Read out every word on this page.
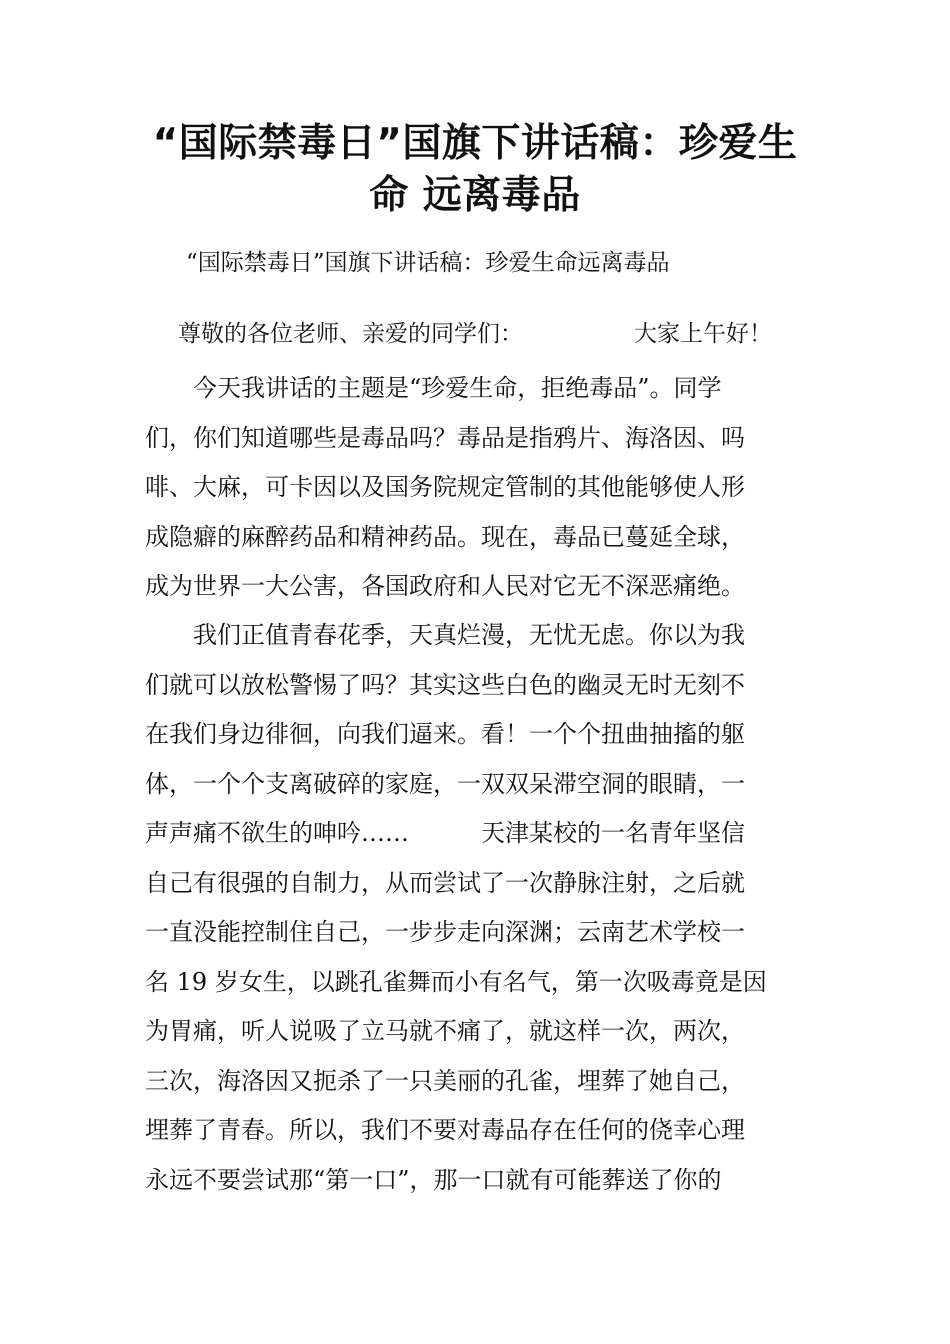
“国际禁毒日”国旗下讲话稿：珍爱生
命 远离毒品

“国际禁毒日”国旗下讲话稿：珍爱生命远离毒品

尊敬的各位老师、亲爱的同学们：	大家上午好！
今天我讲话的主题是“珍爱生命，拒绝毒品”。同学
们，你们知道哪些是毒品吗？毒品是指鸦片、海洛因、吗
啡、大麻，可卡因以及国务院规定管制的其他能够使人形
成隐癖的麻醉药品和精神药品。现在，毒品已蔓延全球，
成为世界一大公害，各国政府和人民对它无不深恶痛绝。
我们正值青春花季，天真烂漫，无忧无虑。你以为我
们就可以放松警惕了吗？其实这些白色的幽灵无时无刻不
在我们身边徘徊，向我们逼来。看！一个个扭曲抽搐的躯
体，一个个支离破碎的家庭，一双双呆滞空洞的眼睛，一
声声痛不欲生的呻吟……	天津某校的一名青年坚信
自己有很强的自制力，从而尝试了一次静脉注射，之后就
一直没能控制住自己，一步步走向深渊；云南艺术学校一
名 19 岁女生，以跳孔雀舞而小有名气，第一次吸毒竟是因
为胃痛，听人说吸了立马就不痛了，就这样一次，两次，
三次，海洛因又扼杀了一只美丽的孔雀，埋葬了她自己，
埋葬了青春。所以，我们不要对毒品存在任何的侥幸心理
永远不要尝试那“第一口”，那一口就有可能葬送了你的
